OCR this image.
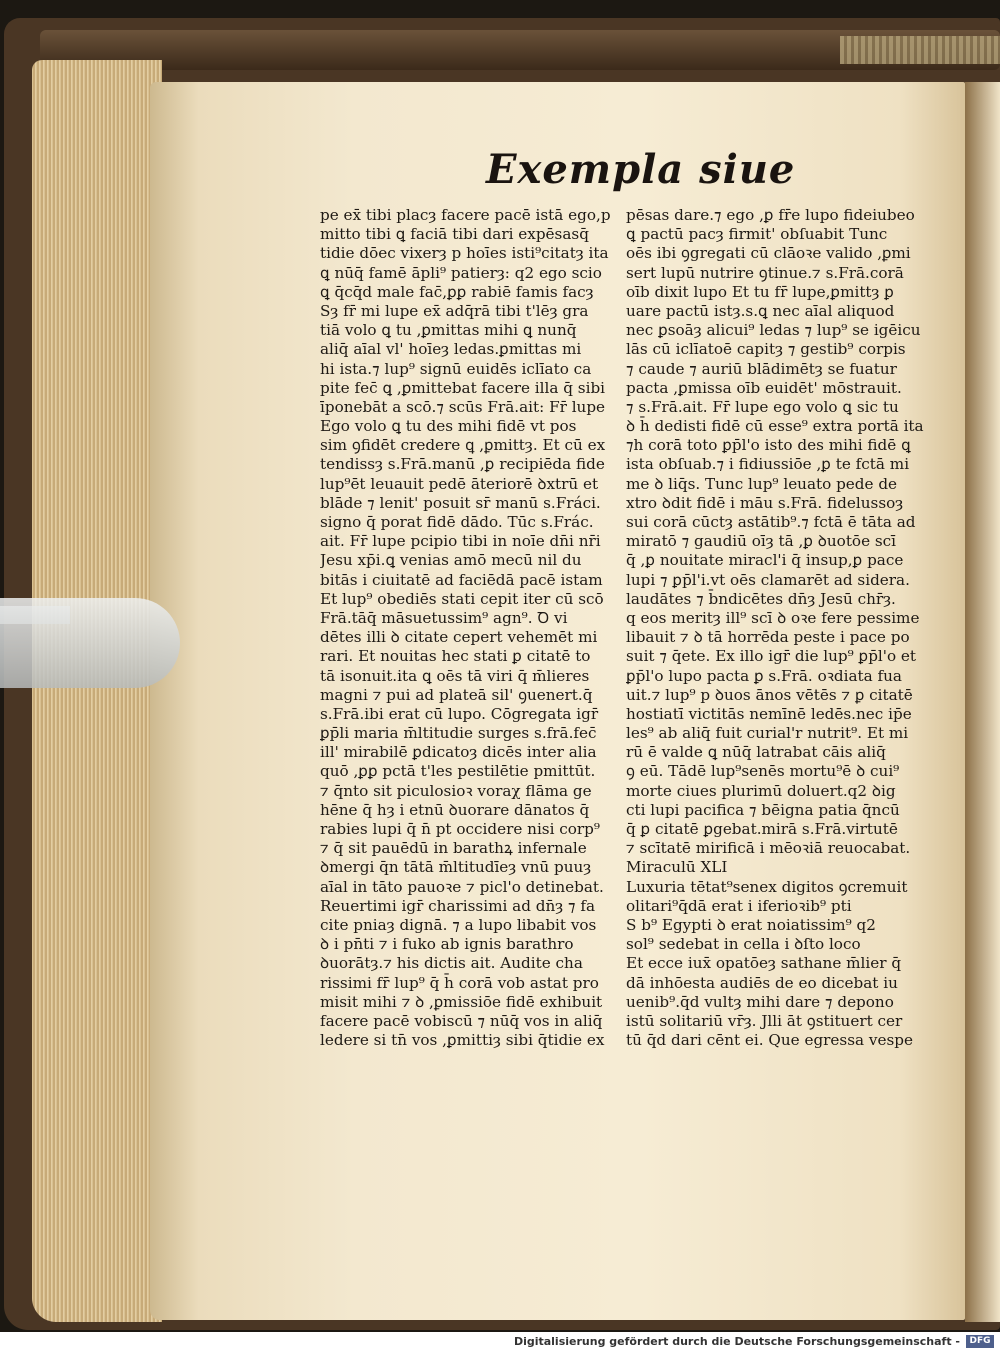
Exempla siue
pe ex̄ tibi placȝ facere pacē istā ego,p
mitto tibi ꝗ faciā tibi dari expēsasq̄
tidie dōec vixerȝ p hoīes isti⁹citatȝ ita
ꝗ nūq̄ famē āpli⁹ patierȝ: q2 ego scio
ꝗ q̄cq̄d male fac̄,ꝑꝑ rabiē famis facȝ
Sȝ fr̄ mi lupe ex̄ adq̄rā tibi t'lēȝ gra
tiā volo ꝗ tu ,ꝑmittas mihi ꝗ nunq̄
aliq̄ aīal vl' hoīeȝ ledas.ꝑmittas mi
hi ista.⁊ lup⁹ signū euidēs iclīato ca
pite fec̄ ꝗ ,ꝑmittebat facere illa q̄ sibi
īponebāt a scō.⁊ scūs Frā.ait: Fr̄ lupe
Ego volo ꝗ tu des mihi fidē vt pos
sim ꝯfidēt credere ꝗ ,ꝑmittȝ. Et cū ex
tendissȝ s.Frā.manū ,ꝑ recipiēda fide
lup⁹ēt leuauit pedē āteriorē ꝺxtrū et
blāde ⁊ lenit' posuit sr̄ manū s.Fráci.
signo q̄ porat fidē dādo. Tūc s.Frác.
ait. Fr̄ lupe pcipio tibi in noīe dn̄i nr̄i
Jesu xp̄i.ꝗ venias amō mecū nil du
bitās i ciuitatē ad faciēdā pacē istam
Et lup⁹ obediēs stati cepit iter cū scō
Frā.tāq̄ māsuetussim⁹ agn⁹. Ꝺ vi
dētes illi ꝺ citate cepert vehemēt mi
rari. Et nouitas hec stati ꝑ citatē to
tā isonuit.ita ꝗ oēs tā viri q̄ m̄lieres
magni ⁊ pui ad plateā sil' ꝯuenert.q̄
s.Frā.ibi erat cū lupo. Cōgregata igr̄
ꝑp̄li maria m̄ltitudie surges s.frā.fec̄
ill' mirabilē ꝑdicatoȝ dicēs inter alia
quō ,ꝑꝑ pctā t'les pestilētie pmittūt.
⁊ q̄nto sit piculosioꝛ voraχ flāma ge
hēne q̄ hȝ i etnū ꝺuorare dānatos q̄
rabies lupi q̄ n̄ pt occidere nisi corp⁹
⁊ q̄ sit pauēdū in barathꝝ infernale
ꝺmergi q̄n tātā m̄ltitudīeȝ vnū puuȝ
aīal in tāto pauoꝛe ⁊ picl'o detinebat.
Reuertimi igr̄ charissimi ad dn̄ȝ ⁊ fa
cite pniaȝ dignā. ⁊ a lupo libabit vos
ꝺ i pn̄ti ⁊ i fuko ab ignis barathro
ꝺuorātȝ.⁊ his dictis ait. Audite cha
rissimi fr̄ lup⁹ q̄ h̄ corā vob astat pro
misit mihi ⁊ ꝺ ,ꝑmissiōe fidē exhibuit
facere pacē vobiscū ⁊ nūq̄ vos in aliq̄
ledere si tn̄ vos ,ꝑmittiȝ sibi q̄tidie ex
pēsas dare.⁊ ego ,ꝑ fr̄e lupo fideiubeo
ꝗ pactū pacȝ firmit' obſuabit Tunc
oēs ibi ꝯgregati cū clāoꝛe valido ,ꝑmi
sert lupū nutrire ꝯtinue.⁊ s.Frā.corā
oīb dixit lupo Et tu fr̄ lupe,ꝑmittȝ ꝑ
uare pactū istȝ.s.ꝗ nec aīal aliquod
nec ꝑsoāȝ alicui⁹ ledas ⁊ lup⁹ se igēicu
lās cū iclīatoē capitȝ ⁊ gestib⁹ corpis
⁊ caude ⁊ auriū blādimētȝ se fuatur
pacta ,ꝑmissa oīb euidēt' mōstrauit.
⁊ s.Frā.ait. Fr̄ lupe ego volo ꝗ sic tu
ꝺ h̄ dedisti fidē cū esse⁹ extra portā ita
⁊h corā toto ꝑp̄l'o isto des mihi fidē ꝗ
ista obſuab.⁊ i fidiussiōe ,ꝑ te fctā mi
me ꝺ liq̄s. Tunc lup⁹ leuato pede de
xtro ꝺdit fidē i māu s.Frā. fidelussoȝ
sui corā cūctȝ astātib⁹.⁊ fctā ē tāta ad
miratō ⁊ gaudiū oīȝ tā ,ꝑ ꝺuotōe scī
q̄ ,ꝑ nouitate miracl'i q̄ insup,ꝑ pace
lupi ⁊ ꝑp̄l'i.vt oēs clamarēt ad sidera.
laudātes ⁊ b̄ndicētes dn̄ȝ Jesū chr̄ȝ.
q eos meritȝ ill⁹ scī ꝺ oꝛe fere pessime
libauit ⁊ ꝺ tā horrēda peste i pace po
suit ⁊ q̄ete. Ex illo igr̄ die lup⁹ ꝑp̄l'o et
ꝑp̄l'o lupo pacta ꝑ s.Frā. oꝛdiata fua
uit.⁊ lup⁹ p ꝺuos ānos vētēs ⁊ ꝑ citatē
hostiatī victitās nemīnē ledēs.nec ip̄e
les⁹ ab aliq̄ fuit curial'r nutrit⁹. Et mi
rū ē valde ꝗ nūq̄ latrabat cāis aliq̄
ꝯ eū. Tādē lup⁹senēs mortu⁹ē ꝺ cui⁹
morte ciues plurimū doluert.q2 ꝺig
cti lupi pacifica ⁊ bēigna patia q̄ncū
q̄ ꝑ citatē ꝑgebat.mirā s.Frā.virtutē
⁊ scītatē mirificā i mēoꝛiā reuocabat.
Miraculū XLI
Luxuria tētat⁹senex digitos ꝯcremuit
olitari⁹q̄dā erat i iferioꝛib⁹ pti
S b⁹ Egypti ꝺ erat noiatissim⁹ q2
sol⁹ sedebat in cella i ꝺſto loco
Et ecce iux̄ opatōeȝ sathane m̄lier q̄
dā inhōesta audiēs de eo dicebat iu
uenib⁹.q̄d vultȝ mihi dare ⁊ depono
istū solitariū vr̄ȝ. Jlli āt ꝯstituert cer
tū q̄d dari cēnt ei. Que egressa vespe
Digitalisierung gefördert durch die Deutsche Forschungsgemeinschaft -	DFG
